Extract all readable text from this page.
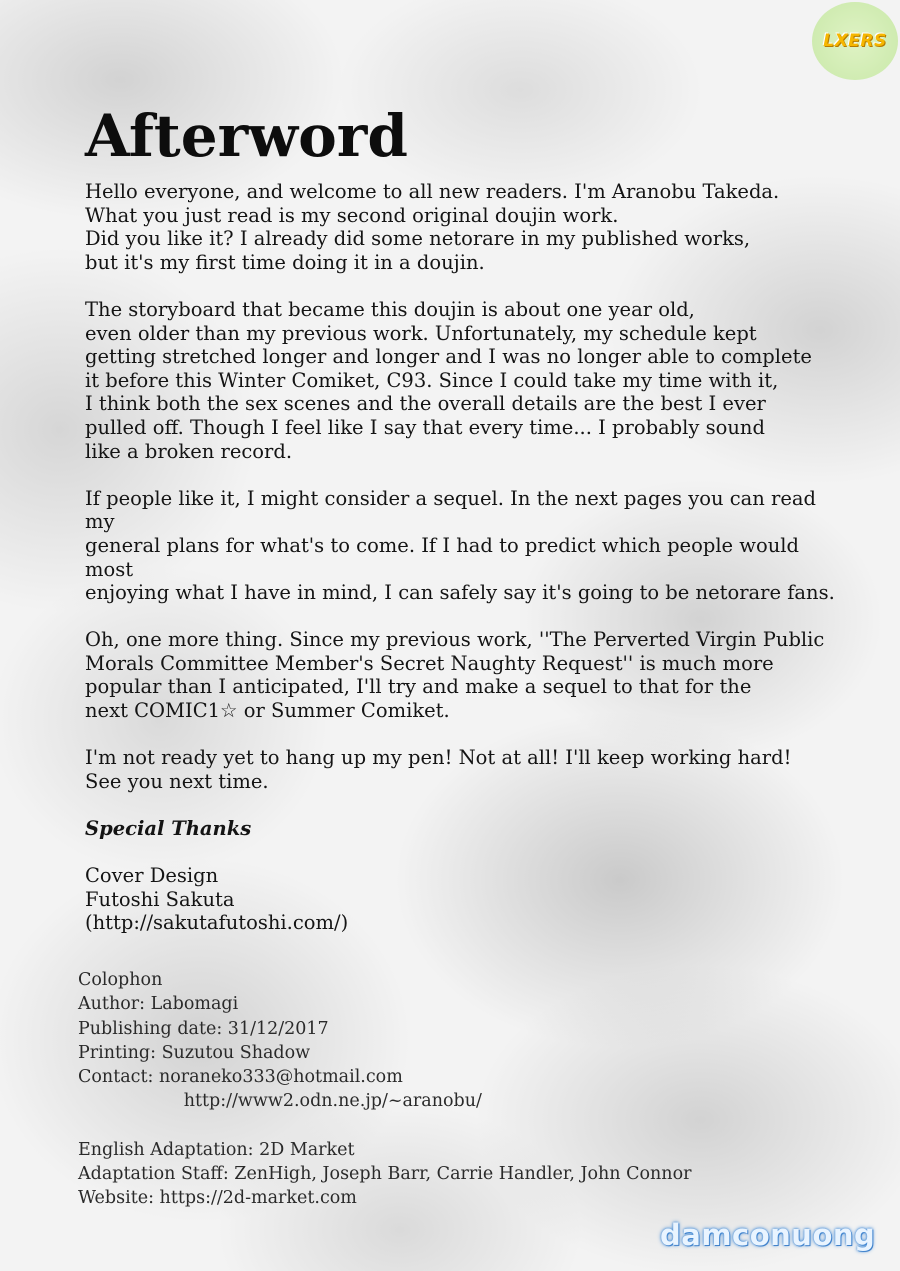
LXERS
Afterword

Hello everyone, and welcome to all new readers. I'm Aranobu Takeda.
What you just read is my second original doujin work.
Did you like it? I already did some netorare in my published works,
but it's my first time doing it in a doujin.

The storyboard that became this doujin is about one year old,
even older than my previous work. Unfortunately, my schedule kept
getting stretched longer and longer and I was no longer able to complete
it before this Winter Comiket, C93. Since I could take my time with it,
I think both the sex scenes and the overall details are the best I ever
pulled off. Though I feel like I say that every time... I probably sound
like a broken record.

If people like it, I might consider a sequel. In the next pages you can read my
general plans for what's to come. If I had to predict which people would most
enjoying what I have in mind, I can safely say it's going to be netorare fans.

Oh, one more thing. Since my previous work, ''The Perverted Virgin Public
Morals Committee Member's Secret Naughty Request'' is much more
popular than I anticipated, I'll try and make a sequel to that for the
next COMIC1☆ or Summer Comiket.

I'm not ready yet to hang up my pen! Not at all! I'll keep working hard!
See you next time.

Special Thanks

Cover Design
Futoshi Sakuta
(http://sakutafutoshi.com/)

Colophon

Author: Labomagi

Publishing date: 31/12/2017

Printing: Suzutou Shadow

Contact: noraneko333@hotmail.com

http://www2.odn.ne.jp/~aranobu/

English Adaptation: 2D Market

Adaptation Staff: ZenHigh, Joseph Barr, Carrie Handler, John Connor

Website: https://2d-market.com

damconuong
